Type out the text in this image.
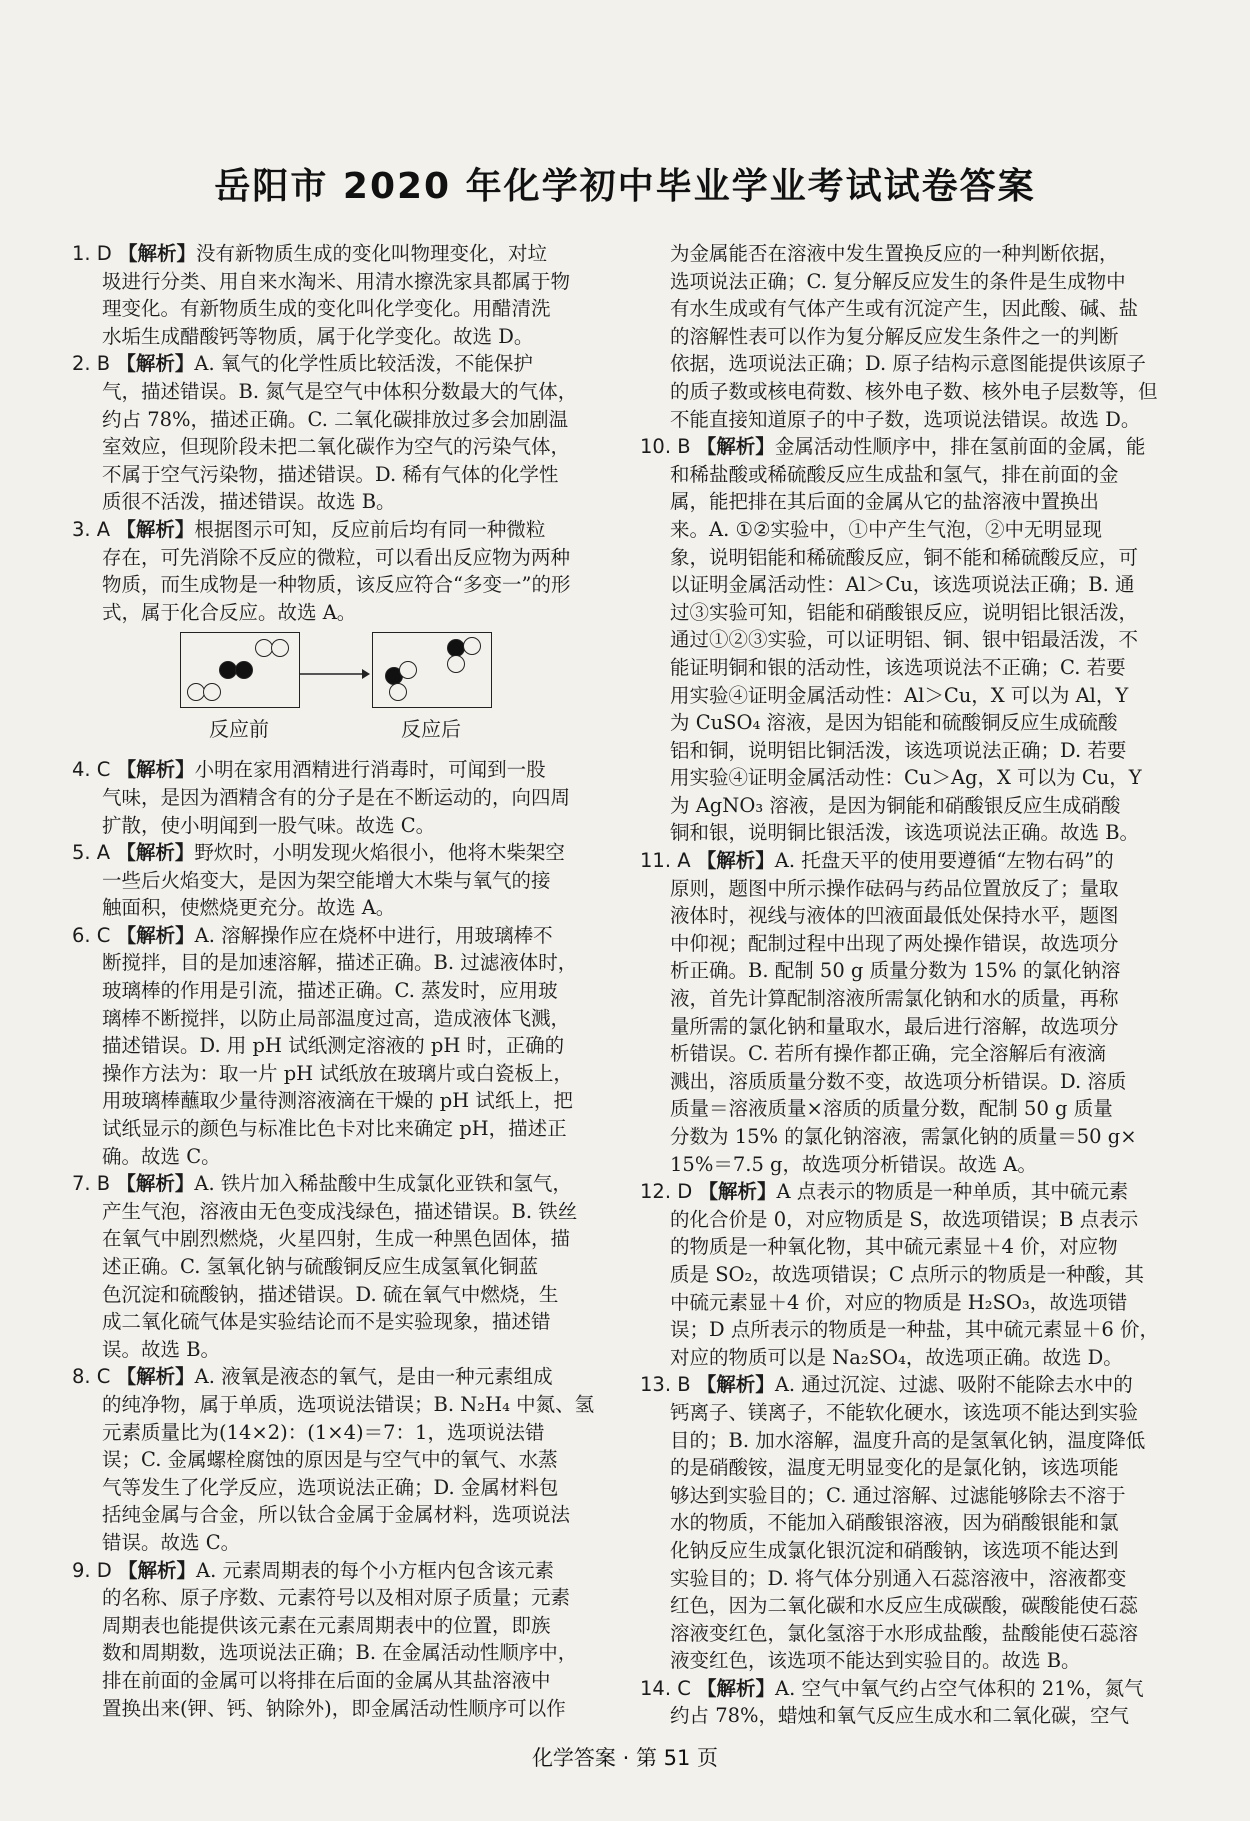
岳阳市 2020 年化学初中毕业学业考试试卷答案
1. D 【解析】没有新物质生成的变化叫物理变化，对垃
圾进行分类、用自来水淘米、用清水擦洗家具都属于物
理变化。有新物质生成的变化叫化学变化。用醋清洗
水垢生成醋酸钙等物质，属于化学变化。故选 D。
2. B 【解析】A. 氧气的化学性质比较活泼，不能保护
气，描述错误。B. 氮气是空气中体积分数最大的气体，
约占 78%，描述正确。C. 二氧化碳排放过多会加剧温
室效应，但现阶段未把二氧化碳作为空气的污染气体，
不属于空气污染物，描述错误。D. 稀有气体的化学性
质很不活泼，描述错误。故选 B。
3. A 【解析】根据图示可知，反应前后均有同一种微粒
存在，可先消除不反应的微粒，可以看出反应物为两种
物质，而生成物是一种物质，该反应符合“多变一”的形
式，属于化合反应。故选 A。
反应前	反应后
4. C 【解析】小明在家用酒精进行消毒时，可闻到一股
气味，是因为酒精含有的分子是在不断运动的，向四周
扩散，使小明闻到一股气味。故选 C。
5. A 【解析】野炊时，小明发现火焰很小，他将木柴架空
一些后火焰变大，是因为架空能增大木柴与氧气的接
触面积，使燃烧更充分。故选 A。
6. C 【解析】A. 溶解操作应在烧杯中进行，用玻璃棒不
断搅拌，目的是加速溶解，描述正确。B. 过滤液体时，
玻璃棒的作用是引流，描述正确。C. 蒸发时，应用玻
璃棒不断搅拌，以防止局部温度过高，造成液体飞溅，
描述错误。D. 用 pH 试纸测定溶液的 pH 时，正确的
操作方法为：取一片 pH 试纸放在玻璃片或白瓷板上，
用玻璃棒蘸取少量待测溶液滴在干燥的 pH 试纸上，把
试纸显示的颜色与标准比色卡对比来确定 pH，描述正
确。故选 C。
7. B 【解析】A. 铁片加入稀盐酸中生成氯化亚铁和氢气，
产生气泡，溶液由无色变成浅绿色，描述错误。B. 铁丝
在氧气中剧烈燃烧，火星四射，生成一种黑色固体，描
述正确。C. 氢氧化钠与硫酸铜反应生成氢氧化铜蓝
色沉淀和硫酸钠，描述错误。D. 硫在氧气中燃烧，生
成二氧化硫气体是实验结论而不是实验现象，描述错
误。故选 B。
8. C 【解析】A. 液氧是液态的氧气，是由一种元素组成
的纯净物，属于单质，选项说法错误；B. N₂H₄ 中氮、氢
元素质量比为(14×2)：(1×4)＝7：1，选项说法错
误；C. 金属螺栓腐蚀的原因是与空气中的氧气、水蒸
气等发生了化学反应，选项说法正确；D. 金属材料包
括纯金属与合金，所以钛合金属于金属材料，选项说法
错误。故选 C。
9. D 【解析】A. 元素周期表的每个小方框内包含该元素
的名称、原子序数、元素符号以及相对原子质量；元素
周期表也能提供该元素在元素周期表中的位置，即族
数和周期数，选项说法正确；B. 在金属活动性顺序中，
排在前面的金属可以将排在后面的金属从其盐溶液中
置换出来(钾、钙、钠除外)，即金属活动性顺序可以作
为金属能否在溶液中发生置换反应的一种判断依据，
选项说法正确；C. 复分解反应发生的条件是生成物中
有水生成或有气体产生或有沉淀产生，因此酸、碱、盐
的溶解性表可以作为复分解反应发生条件之一的判断
依据，选项说法正确；D. 原子结构示意图能提供该原子
的质子数或核电荷数、核外电子数、核外电子层数等，但
不能直接知道原子的中子数，选项说法错误。故选 D。
10. B 【解析】金属活动性顺序中，排在氢前面的金属，能
和稀盐酸或稀硫酸反应生成盐和氢气，排在前面的金
属，能把排在其后面的金属从它的盐溶液中置换出
来。A. ①②实验中，①中产生气泡，②中无明显现
象，说明铝能和稀硫酸反应，铜不能和稀硫酸反应，可
以证明金属活动性：Al＞Cu，该选项说法正确；B. 通
过③实验可知，铝能和硝酸银反应，说明铝比银活泼，
通过①②③实验，可以证明铝、铜、银中铝最活泼，不
能证明铜和银的活动性，该选项说法不正确；C. 若要
用实验④证明金属活动性：Al＞Cu，X 可以为 Al，Y
为 CuSO₄ 溶液，是因为铝能和硫酸铜反应生成硫酸
铝和铜，说明铝比铜活泼，该选项说法正确；D. 若要
用实验④证明金属活动性：Cu＞Ag，X 可以为 Cu，Y
为 AgNO₃ 溶液，是因为铜能和硝酸银反应生成硝酸
铜和银，说明铜比银活泼，该选项说法正确。故选 B。
11. A 【解析】A. 托盘天平的使用要遵循“左物右码”的
原则，题图中所示操作砝码与药品位置放反了；量取
液体时，视线与液体的凹液面最低处保持水平，题图
中仰视；配制过程中出现了两处操作错误，故选项分
析正确。B. 配制 50 g 质量分数为 15% 的氯化钠溶
液，首先计算配制溶液所需氯化钠和水的质量，再称
量所需的氯化钠和量取水，最后进行溶解，故选项分
析错误。C. 若所有操作都正确，完全溶解后有液滴
溅出，溶质质量分数不变，故选项分析错误。D. 溶质
质量＝溶液质量×溶质的质量分数，配制 50 g 质量
分数为 15% 的氯化钠溶液，需氯化钠的质量＝50 g×
15%＝7.5 g，故选项分析错误。故选 A。
12. D 【解析】A 点表示的物质是一种单质，其中硫元素
的化合价是 0，对应物质是 S，故选项错误；B 点表示
的物质是一种氧化物，其中硫元素显＋4 价，对应物
质是 SO₂，故选项错误；C 点所示的物质是一种酸，其
中硫元素显＋4 价，对应的物质是 H₂SO₃，故选项错
误；D 点所表示的物质是一种盐，其中硫元素显＋6 价，
对应的物质可以是 Na₂SO₄，故选项正确。故选 D。
13. B 【解析】A. 通过沉淀、过滤、吸附不能除去水中的
钙离子、镁离子，不能软化硬水，该选项不能达到实验
目的；B. 加水溶解，温度升高的是氢氧化钠，温度降低
的是硝酸铵，温度无明显变化的是氯化钠，该选项能
够达到实验目的；C. 通过溶解、过滤能够除去不溶于
水的物质，不能加入硝酸银溶液，因为硝酸银能和氯
化钠反应生成氯化银沉淀和硝酸钠，该选项不能达到
实验目的；D. 将气体分别通入石蕊溶液中，溶液都变
红色，因为二氧化碳和水反应生成碳酸，碳酸能使石蕊
溶液变红色，氯化氢溶于水形成盐酸，盐酸能使石蕊溶
液变红色，该选项不能达到实验目的。故选 B。
14. C 【解析】A. 空气中氧气约占空气体积的 21%，氮气
约占 78%，蜡烛和氧气反应生成水和二氧化碳，空气
化学答案 · 第 51 页
